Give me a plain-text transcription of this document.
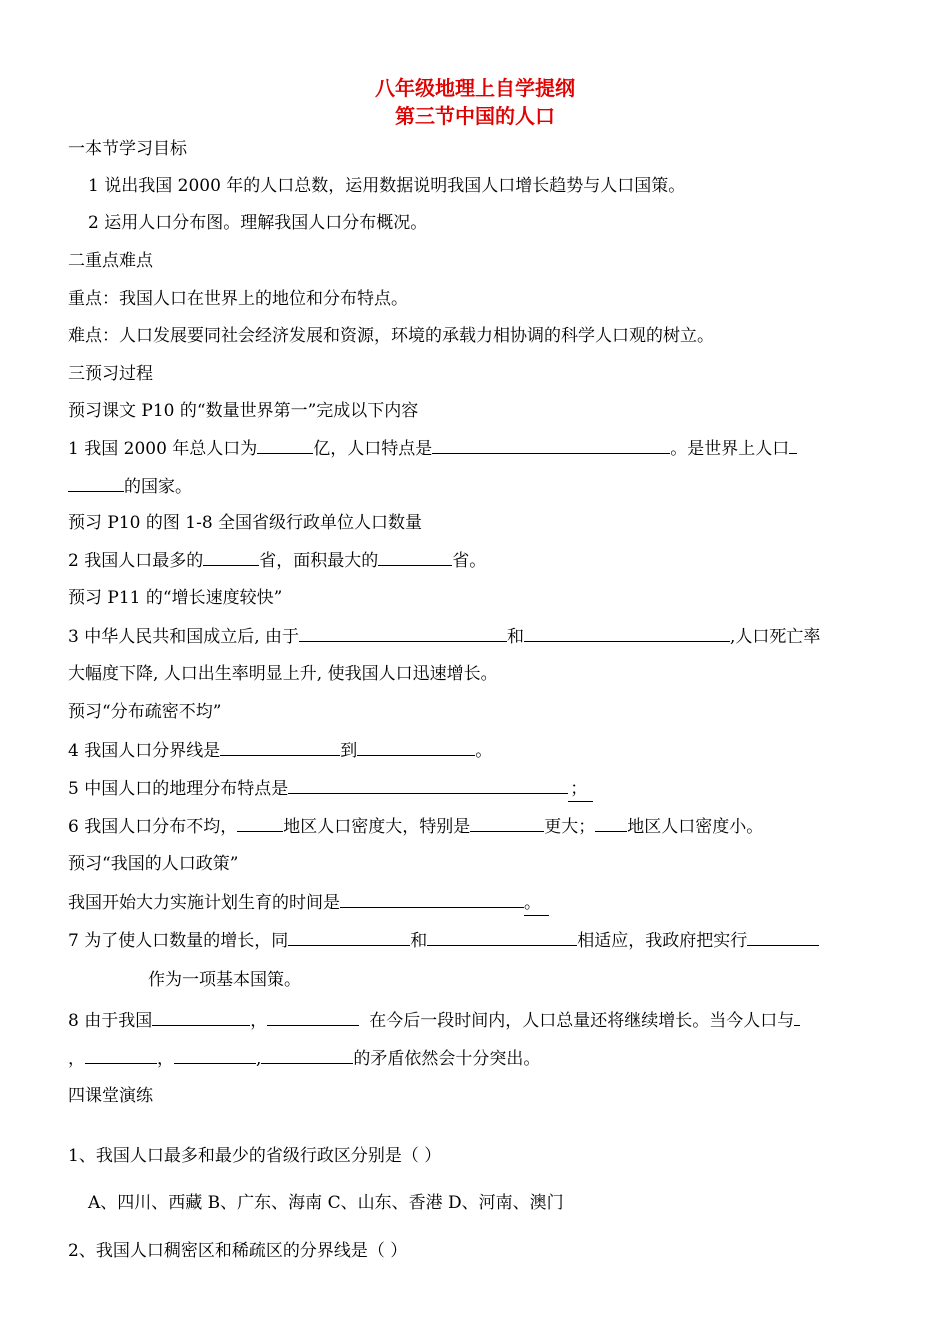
八年级地理上自学提纲
第三节中国的人口
一本节学习目标
1 说出我国 2000 年的人口总数，运用数据说明我国人口增长趋势与人口国策。
2 运用人口分布图。理解我国人口分布概况。
二重点难点
重点：我国人口在世界上的地位和分布特点。
难点：人口发展要同社会经济发展和资源，环境的承载力相协调的科学人口观的树立。
三预习过程
预习课文 P10 的“数量世界第一”完成以下内容
1 我国 2000 年总人口为	亿，人口特点是	。是世界上人口
的国家。
预习 P10 的图 1-8 全国省级行政单位人口数量
2 我国人口最多的	省，面积最大的	省。
预习 P11 的“增长速度较快”
3 中华人民共和国成立后, 由于	和	,人口死亡率
大幅度下降, 人口出生率明显上升, 使我国人口迅速增长。
预习“分布疏密不均”
4 我国人口分界线是	到	。
5 中国人口的地理分布特点是	；
6 我国人口分布不均，	地区人口密度大，特别是	更大； 地区人口密度小。
预习“我国的人口政策”
我国开始大力实施计划生育的时间是	。
7 为了使人口数量的增长，同	和	相适应，我政府把实行
作为一项基本国策。
8 由于我国	，	在今后一段时间内，人口总量还将继续增长。当今人口与
，	，	,	的矛盾依然会十分突出。
四课堂演练
1、我国人口最多和最少的省级行政区分别是（ ）
A、四川、西藏 B、广东、海南 C、山东、香港 D、河南、澳门
2、我国人口稠密区和稀疏区的分界线是（ ）
